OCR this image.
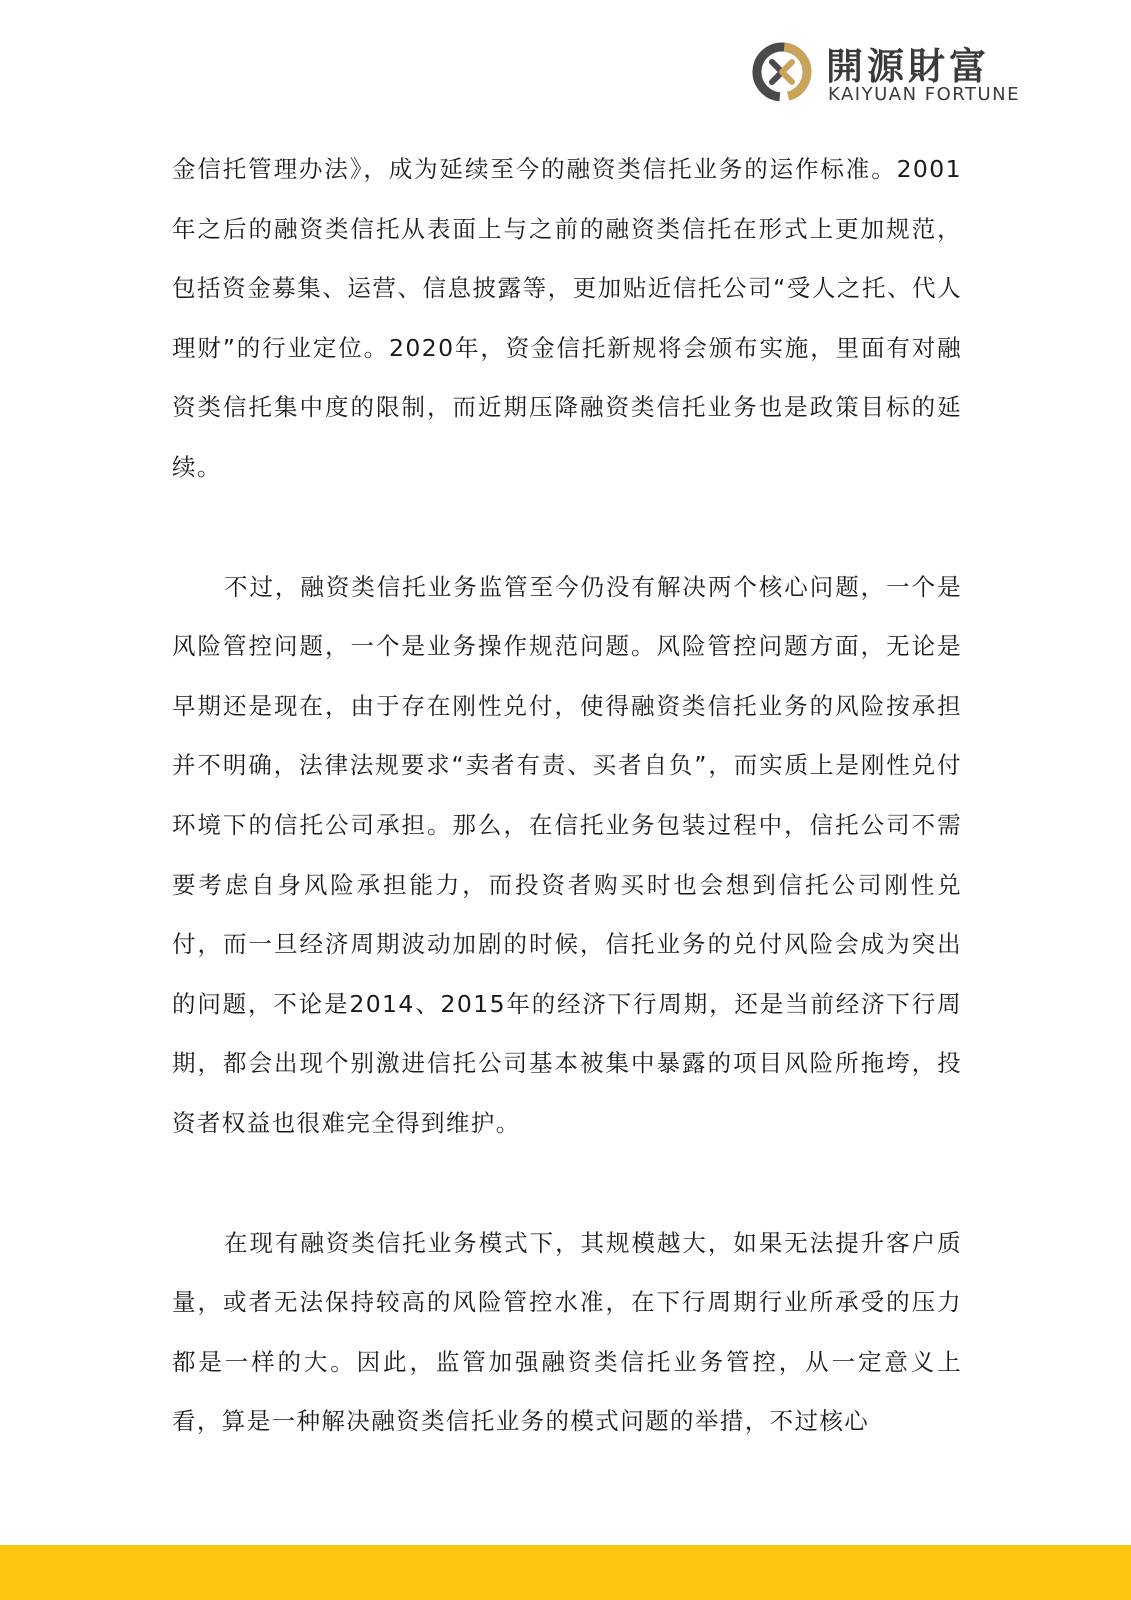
開源財富
KAIYUAN FORTUNE

金信托管理办法》，成为延续至今的融资类信托业务的运作标准。2001年之后的融资类信托从表面上与之前的融资类信托在形式上更加规范，包括资金募集、运营、信息披露等，更加贴近信托公司“受人之托、代人理财”的行业定位。2020年，资金信托新规将会颁布实施，里面有对融资类信托集中度的限制，而近期压降融资类信托业务也是政策目标的延续。

不过，融资类信托业务监管至今仍没有解决两个核心问题，一个是风险管控问题，一个是业务操作规范问题。风险管控问题方面，无论是早期还是现在，由于存在刚性兑付，使得融资类信托业务的风险按承担并不明确，法律法规要求“卖者有责、买者自负”，而实质上是刚性兑付环境下的信托公司承担。那么，在信托业务包装过程中，信托公司不需要考虑自身风险承担能力，而投资者购买时也会想到信托公司刚性兑付，而一旦经济周期波动加剧的时候，信托业务的兑付风险会成为突出的问题，不论是2014、2015年的经济下行周期，还是当前经济下行周期，都会出现个别激进信托公司基本被集中暴露的项目风险所拖垮，投资者权益也很难完全得到维护。

在现有融资类信托业务模式下，其规模越大，如果无法提升客户质量，或者无法保持较高的风险管控水准，在下行周期行业所承受的压力都是一样的大。因此，监管加强融资类信托业务管控，从一定意义上看，算是一种解决融资类信托业务的模式问题的举措，不过核心
